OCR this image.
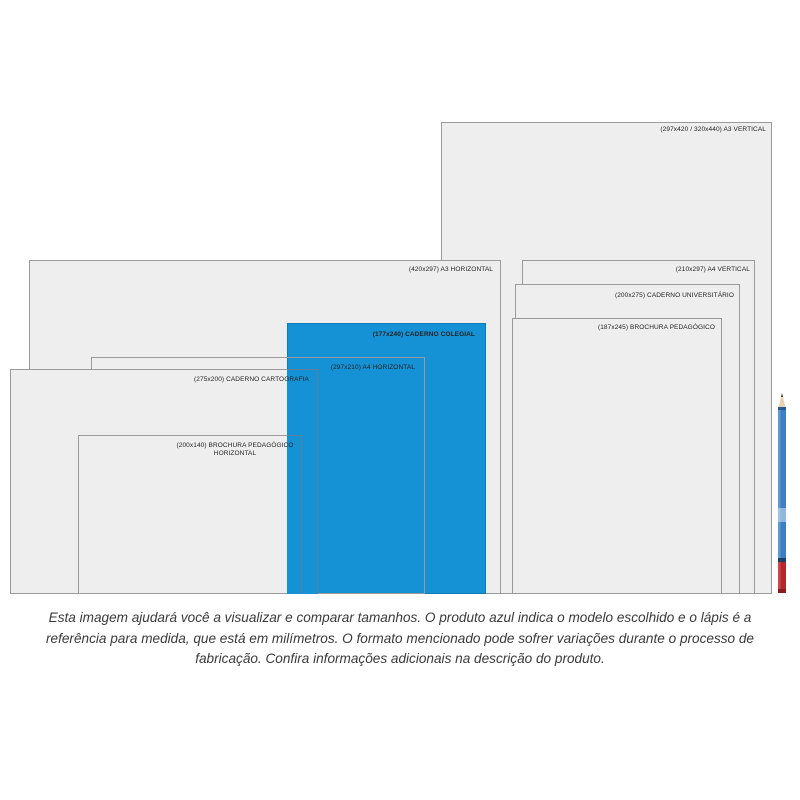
(297x420 / 320x440) A3 VERTICAL
(420x297) A3 HORIZONTAL	(210x297) A4 VERTICAL
(200x275) CADERNO UNIVERSITÁRIO
(187x245) BROCHURA PEDAGÓGICO
(177x240) CADERNO COLEGIAL
(297x210) A4 HORIZONTAL
(275x200) CADERNO CARTOGRAFIA
(200x140) BROCHURA PEDAGÓGICO
HORIZONTAL
Esta imagem ajudará você a visualizar e comparar tamanhos. O produto azul indica o modelo escolhido e o lápis é a referência para medida, que está em milímetros. O formato mencionado pode sofrer variações durante o processo de fabricação. Confira informações adicionais na descrição do produto.
